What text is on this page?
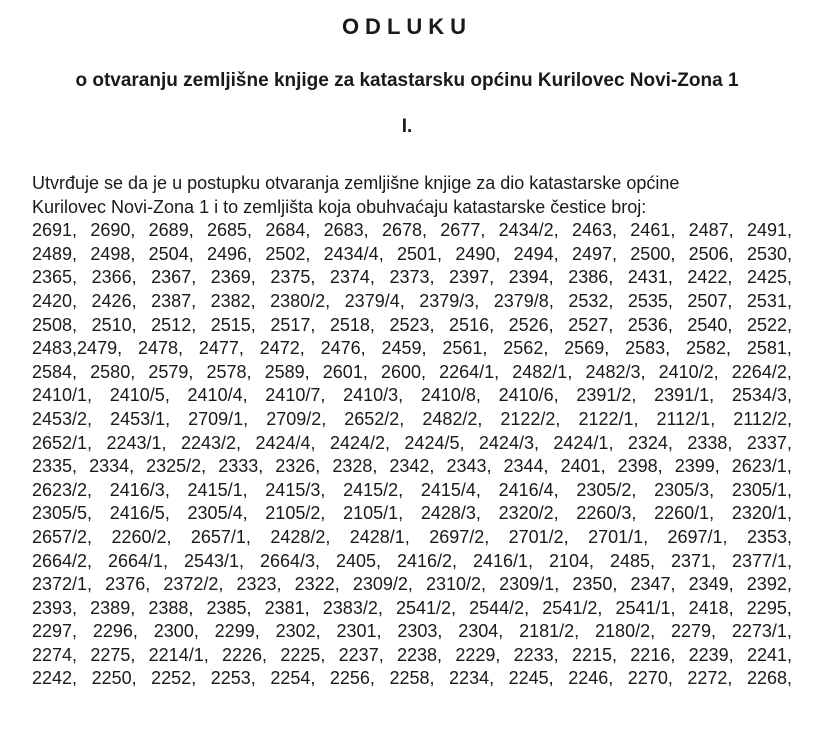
ODLUKU
o otvaranju zemljišne knjige za katastarsku općinu Kurilovec Novi-Zona 1
I.
Utvrđuje se da je u postupku otvaranja zemljišne knjige za dio katastarske općine
Kurilovec Novi-Zona 1 i to zemljišta koja obuhvaćaju katastarske čestice broj:
2691, 2690, 2689, 2685, 2684, 2683, 2678, 2677, 2434/2, 2463, 2461, 2487, 2491,
2489, 2498, 2504, 2496, 2502, 2434/4, 2501, 2490, 2494, 2497, 2500, 2506, 2530,
2365, 2366, 2367, 2369, 2375, 2374, 2373, 2397, 2394, 2386, 2431, 2422, 2425,
2420, 2426, 2387, 2382, 2380/2, 2379/4, 2379/3, 2379/8, 2532, 2535, 2507, 2531,
2508, 2510, 2512, 2515, 2517, 2518, 2523, 2516, 2526, 2527, 2536, 2540, 2522,
2483,2479, 2478, 2477, 2472, 2476, 2459, 2561, 2562, 2569, 2583, 2582, 2581,
2584, 2580, 2579, 2578, 2589, 2601, 2600, 2264/1, 2482/1, 2482/3, 2410/2, 2264/2,
2410/1, 2410/5, 2410/4, 2410/7, 2410/3, 2410/8, 2410/6, 2391/2, 2391/1, 2534/3,
2453/2, 2453/1, 2709/1, 2709/2, 2652/2, 2482/2, 2122/2, 2122/1, 2112/1, 2112/2,
2652/1, 2243/1, 2243/2, 2424/4, 2424/2, 2424/5, 2424/3, 2424/1, 2324, 2338, 2337,
2335, 2334, 2325/2, 2333, 2326, 2328, 2342, 2343, 2344, 2401, 2398, 2399, 2623/1,
2623/2, 2416/3, 2415/1, 2415/3, 2415/2, 2415/4, 2416/4, 2305/2, 2305/3, 2305/1,
2305/5, 2416/5, 2305/4, 2105/2, 2105/1, 2428/3, 2320/2, 2260/3, 2260/1, 2320/1,
2657/2, 2260/2, 2657/1, 2428/2, 2428/1, 2697/2, 2701/2, 2701/1, 2697/1, 2353,
2664/2, 2664/1, 2543/1, 2664/3, 2405, 2416/2, 2416/1, 2104, 2485, 2371, 2377/1,
2372/1, 2376, 2372/2, 2323, 2322, 2309/2, 2310/2, 2309/1, 2350, 2347, 2349, 2392,
2393, 2389, 2388, 2385, 2381, 2383/2, 2541/2, 2544/2, 2541/2, 2541/1, 2418, 2295,
2297, 2296, 2300, 2299, 2302, 2301, 2303, 2304, 2181/2, 2180/2, 2279, 2273/1,
2274, 2275, 2214/1, 2226, 2225, 2237, 2238, 2229, 2233, 2215, 2216, 2239, 2241,
2242, 2250, 2252, 2253, 2254, 2256, 2258, 2234, 2245, 2246, 2270, 2272, 2268,
